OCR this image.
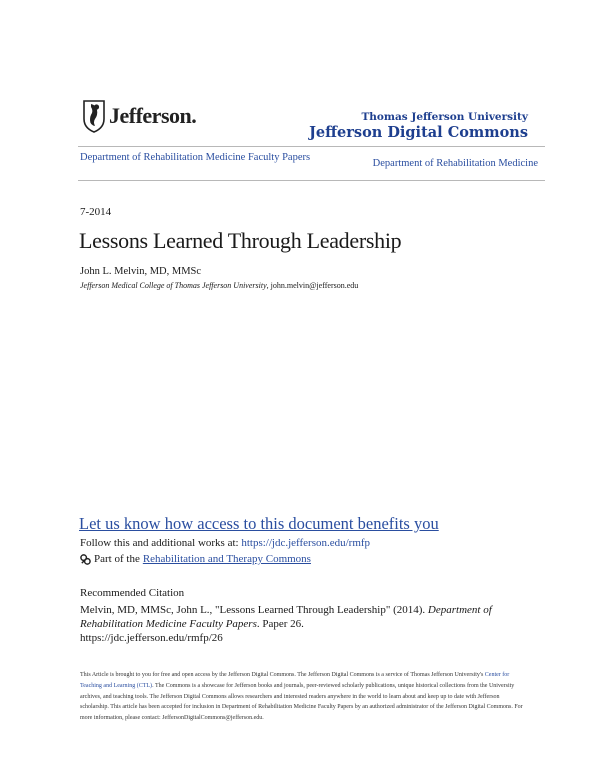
Jefferson.	Thomas Jefferson University
Jefferson Digital Commons
Department of Rehabilitation Medicine Faculty Papers
Department of Rehabilitation Medicine
7-2014
Lessons Learned Through Leadership
John L. Melvin, MD, MMSc
Jefferson Medical College of Thomas Jefferson University, john.melvin@jefferson.edu
Let us know how access to this document benefits you
Follow this and additional works at: https://jdc.jefferson.edu/rmfp
Part of the Rehabilitation and Therapy Commons
Recommended Citation
Melvin, MD, MMSc, John L., "Lessons Learned Through Leadership" (2014). Department of Rehabilitation Medicine Faculty Papers. Paper 26.
https://jdc.jefferson.edu/rmfp/26
This Article is brought to you for free and open access by the Jefferson Digital Commons. The Jefferson Digital Commons is a service of Thomas Jefferson University's Center for Teaching and Learning (CTL). The Commons is a showcase for Jefferson books and journals, peer-reviewed scholarly publications, unique historical collections from the University archives, and teaching tools. The Jefferson Digital Commons allows researchers and interested readers anywhere in the world to learn about and keep up to date with Jefferson scholarship. This article has been accepted for inclusion in Department of Rehabilitation Medicine Faculty Papers by an authorized administrator of the Jefferson Digital Commons. For more information, please contact: JeffersonDigitalCommons@jefferson.edu.
